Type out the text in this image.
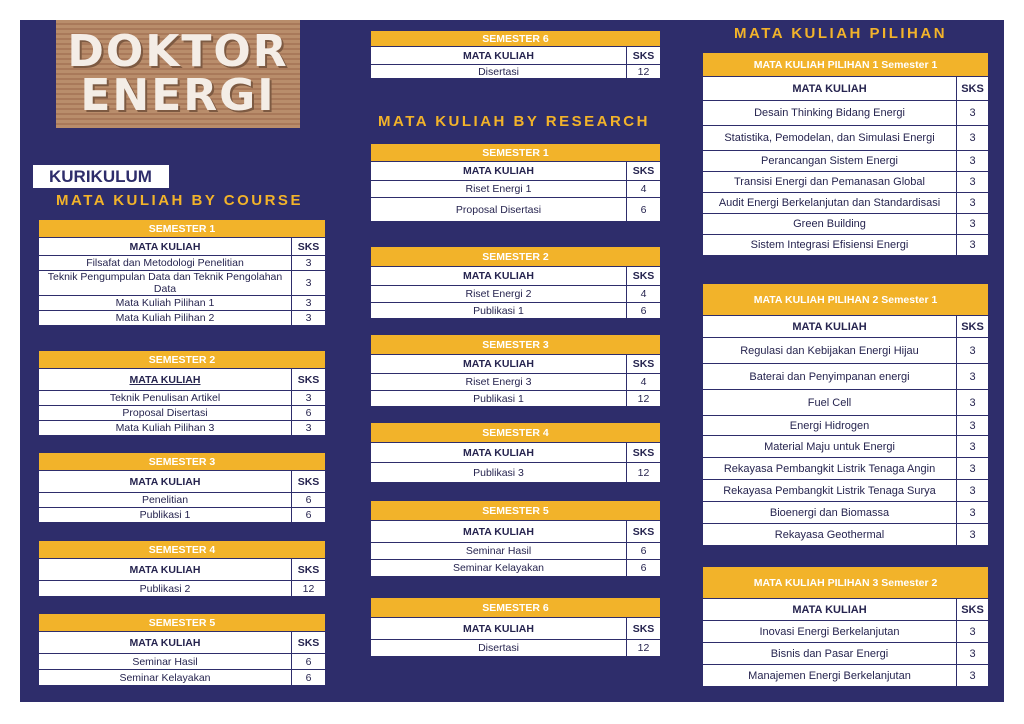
DOKTOR
ENERGI
KURIKULUM
MATA KULIAH BY COURSE
MATA KULIAH BY RESEARCH
MATA KULIAH PILIHAN
SEMESTER 1	
MATA KULIAH	SKS
Filsafat dan Metodologi Penelitian	3
Teknik Pengumpulan Data dan Teknik Pengolahan Data	3
Mata Kuliah Pilihan 1	3
Mata Kuliah Pilihan 2	3
SEMESTER 2	
MATA KULIAH	SKS
Teknik Penulisan Artikel	3
Proposal Disertasi	6
Mata Kuliah Pilihan 3	3
SEMESTER 3	
MATA KULIAH	SKS
Penelitian	6
Publikasi 1	6
SEMESTER 4	
MATA KULIAH	SKS
Publikasi 2	12
SEMESTER 5	
MATA KULIAH	SKS
Seminar Hasil	6
Seminar Kelayakan	6
SEMESTER 6	
MATA KULIAH	SKS
Disertasi	12
SEMESTER 1	
MATA KULIAH	SKS
Riset Energi 1	4
Proposal Disertasi	6
SEMESTER 2	
MATA KULIAH	SKS
Riset Energi 2	4
Publikasi 1	6
SEMESTER 3	
MATA KULIAH	SKS
Riset Energi 3	4
Publikasi 1	12
SEMESTER 4	
MATA KULIAH	SKS
Publikasi 3	12
SEMESTER 5	
MATA KULIAH	SKS
Seminar Hasil	6
Seminar Kelayakan	6
SEMESTER 6	
MATA KULIAH	SKS
Disertasi	12
MATA KULIAH PILIHAN 1 Semester 1	
MATA KULIAH	SKS
Desain Thinking Bidang Energi	3
Statistika, Pemodelan, dan Simulasi Energi	3
Perancangan Sistem Energi	3
Transisi Energi dan Pemanasan Global	3
Audit Energi Berkelanjutan dan Standardisasi	3
Green Building	3
Sistem Integrasi Efisiensi Energi	3
MATA KULIAH PILIHAN 2 Semester 1	
MATA KULIAH	SKS
Regulasi dan Kebijakan Energi Hijau	3
Baterai dan Penyimpanan energi	3
Fuel Cell	3
Energi Hidrogen	3
Material Maju untuk Energi	3
Rekayasa Pembangkit Listrik Tenaga Angin	3
Rekayasa Pembangkit Listrik Tenaga Surya	3
Bioenergi dan Biomassa	3
Rekayasa Geothermal	3
MATA KULIAH PILIHAN 3 Semester 2	
MATA KULIAH	SKS
Inovasi Energi Berkelanjutan	3
Bisnis dan Pasar Energi	3
Manajemen Energi Berkelanjutan	3
